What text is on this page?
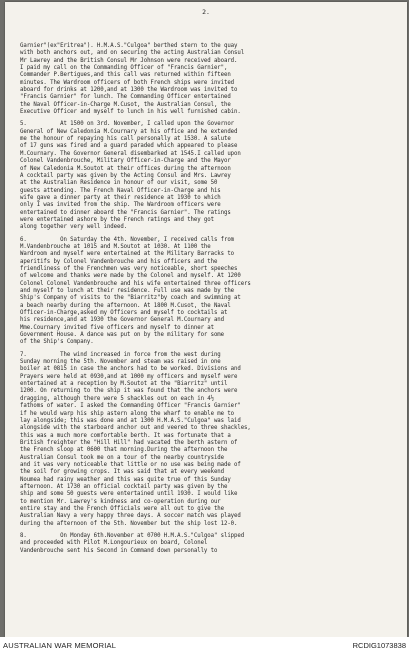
2.
Garnier"(ex"Eritrea"). H.M.A.S."Culgoa" berthed stern to the quay
with both anchors out, and on securing the acting Australian Consul
Mr Lawrey and the British Consul Mr Johnson were received aboard.
I paid my call on the Commanding Officer of "Francis Garnier",
Commander P.Bertigues,and this call was returned within fifteen
minutes. The Wardroom officers of both French ships were invited
aboard for drinks at 1200,and at 1300 the Wardroom was invited to
"Francis Garnier" for lunch. The Commanding Officer entertained
the Naval Officer-in-Charge M.Cusot, the Australian Consul, the
Executive Officer and myself to lunch in his well furnished cabin.
5.          At 1500 on 3rd. November, I called upon the Governor
General of New Caledonia M.Cournary at his office and he extended
me the honour of repaying his call personally at 1530. A salute
of 17 guns was fired and a guard paraded which appeared to please
M.Cournary. The Governor General disembarked at 1545.I called upon
Colonel Vandenbrouche, Military Officer-in-Charge and the Mayor
of New Caledonia M.Soutot at their offices during the afternoon
A cocktail party was given by the Acting Consul and Mrs. Lawrey
at the Australian Residence in honour of our visit, some 50
guests attending. The French Naval Officer-in-Charge and his
wife gave a dinner party at their residence at 1930 to which
only I was invited from the ship. The Wardroom officers were
entertained to dinner aboard the "Francis Garnier". The ratings
were entertained ashore by the French ratings and they got
along together very well indeed.
6.          On Saturday the 4th. November, I received calls from
M.Vandenbrouche at 1015 and M.Soutot at 1030. At 1100 the
Wardroom and myself were entertained at the Military Barracks to
aperitifs by Colonel Vandenbrouche and his officers and the
friendliness of the Frenchmen was very noticeable, short speeches
of welcome and thanks were made by the Colonel and myself. At 1200
Colonel Colonel Vandenbrouche and his wife entertained three officers
and myself to lunch at their residence. Full use was made by the
Ship's Company of visits to the "Biarritz"by coach and swimming at
a beach nearby during the afternoon. At 1800 M.Cusot, the Naval
Officer-in-Charge,asked my Officers and myself to cocktails at
his residence,and at 1930 the Governor General M.Cournary and
Mme.Cournary invited five officers and myself to dinner at
Government House. A dance was put on by the military for some
of the Ship's Company.
7.          The wind increased in force from the west during
Sunday morning the 5th. November and steam was raised in one
boiler at 0815 in case the anchors had to be worked. Divisions and
Prayers were held at 0930,and at 1000 my officers and myself were
entertained at a reception by M.Soutot at the "Biarritz" until
1200. On returning to the ship it was found that the anchors were
dragging, although there were 5 shackles out on each in 4½
fathoms of water. I asked the Commanding Officer "Francis Garnier"
if he would warp his ship astern along the wharf to enable me to
lay alongside; this was done and at 1300 H.M.A.S."Culgoa" was laid
alongside with the starboard anchor out and veered to three shackles,
this was a much more comfortable berth. It was fortunate that a
British freighter the "Hill Hill" had vacated the berth astern of
the French sloop at 0600 that morning.During the afternoon the
Australian Consul took me on a tour of the nearby countryside
and it was very noticeable that little or no use was being made of
the soil for growing crops. It was said that at every weekend
Noumea had rainy weather and this was quite true of this Sunday
afternoon. At 1730 an official cocktail party was given by the
ship and some 50 guests were entertained until 1930. I would like
to mention Mr. Lawrey's kindness and co-operation during our
entire stay and the French Officials were all out to give the
Australian Navy a very happy three days. A soccer match was played
during the afternoon of the 5th. November but the ship lost 12-0.
8.          On Monday 6th.November at 0700 H.M.A.S."Culgoa" slipped
and proceeded with Pilot M.Longourieux on board, Colonel
Vandenbrouche sent his Second in Command down personally to
AUSTRALIAN WAR MEMORIAL	RCDIG1073838
